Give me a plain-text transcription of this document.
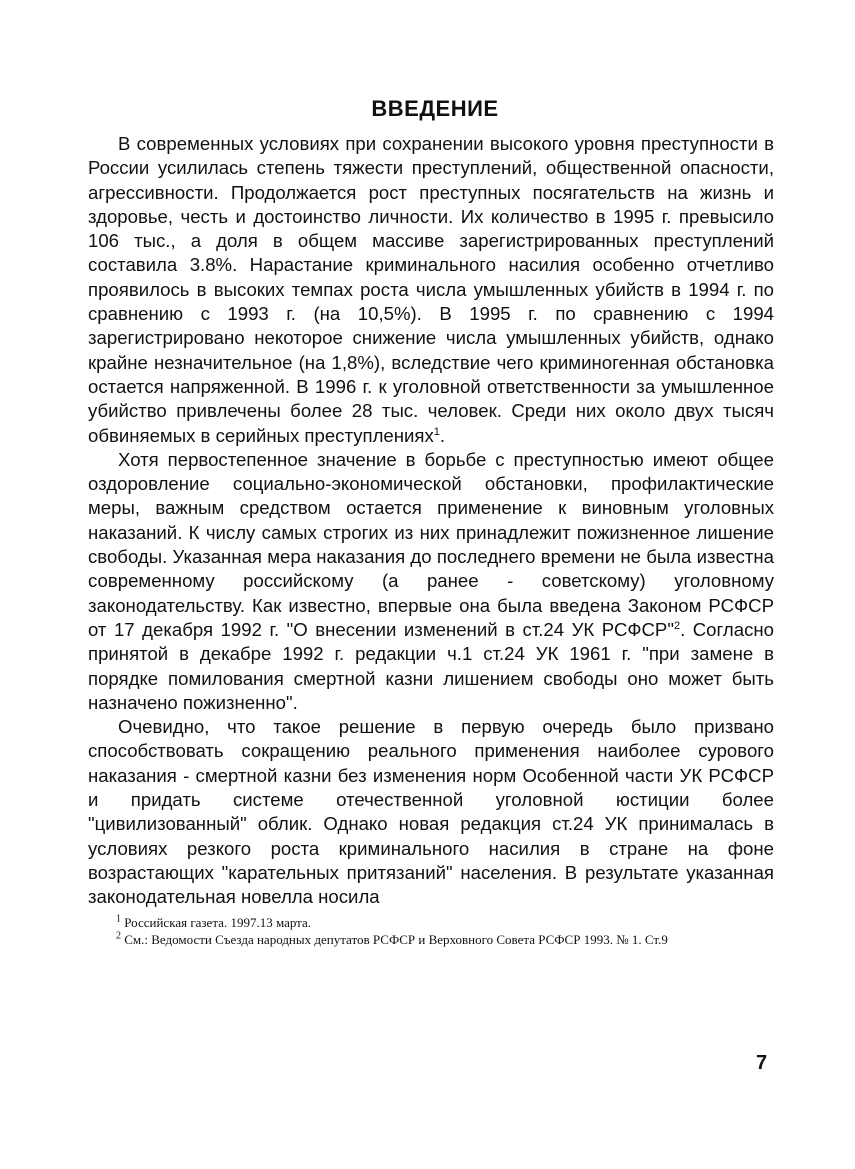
ВВЕДЕНИЕ

В современных условиях при сохранении высокого уровня преступности в России усилилась степень тяжести преступлений, общественной опасности, агрессивности. Продолжается рост преступных посягательств на жизнь и здоровье, честь и достоинство личности. Их количество в 1995 г. превысило 106 тыс., а доля в общем массиве зарегистрированных преступлений составила 3.8%. Нарастание криминального насилия особенно отчетливо проявилось в высоких темпах роста числа умышленных убийств в 1994 г. по сравнению с 1993 г. (на 10,5%). В 1995 г. по сравнению с 1994 зарегистрировано некоторое снижение числа умышленных убийств, однако крайне незначительное (на 1,8%), вследствие чего криминогенная обстановка остается напряженной. В 1996 г. к уголовной ответственности за умышленное убийство привлечены более 28 тыс. человек. Среди них около двух тысяч обвиняемых в серийных преступлениях$^1$.

Хотя первостепенное значение в борьбе с преступностью имеют общее оздоровление социально-экономической обстановки, профилактические меры, важным средством остается применение к виновным уголовных наказаний. К числу самых строгих из них принадлежит пожизненное лишение свободы. Указанная мера наказания до последнего времени не была известна современному российскому (а ранее - советскому) уголовному законодательству. Как известно, впервые она была введена Законом РСФСР от 17 декабря 1992 г. "О внесении изменений в ст.24 УК РСФСР"$^2$. Согласно принятой в декабре 1992 г. редакции ч.1 ст.24 УК 1961 г. "при замене в порядке помилования смертной казни лишением свободы оно может быть назначено пожизненно".

Очевидно, что такое решение в первую очередь было призвано способствовать сокращению реального применения наиболее сурового наказания - смертной казни без изменения норм Особенной части УК РСФСР и придать системе отечественной уголовной юстиции более "цивилизованный" облик. Однако новая редакция ст.24 УК принималась в условиях резкого роста криминального насилия в стране на фоне возрастающих "карательных притязаний" населения. В результате указанная законодательная новелла носила

$^1$ Российская газета. 1997.13 марта.

$^2$ См.: Ведомости Съезда народных депутатов РСФСР и Верховного Совета РСФСР 1993. № 1. Ст.9

7
